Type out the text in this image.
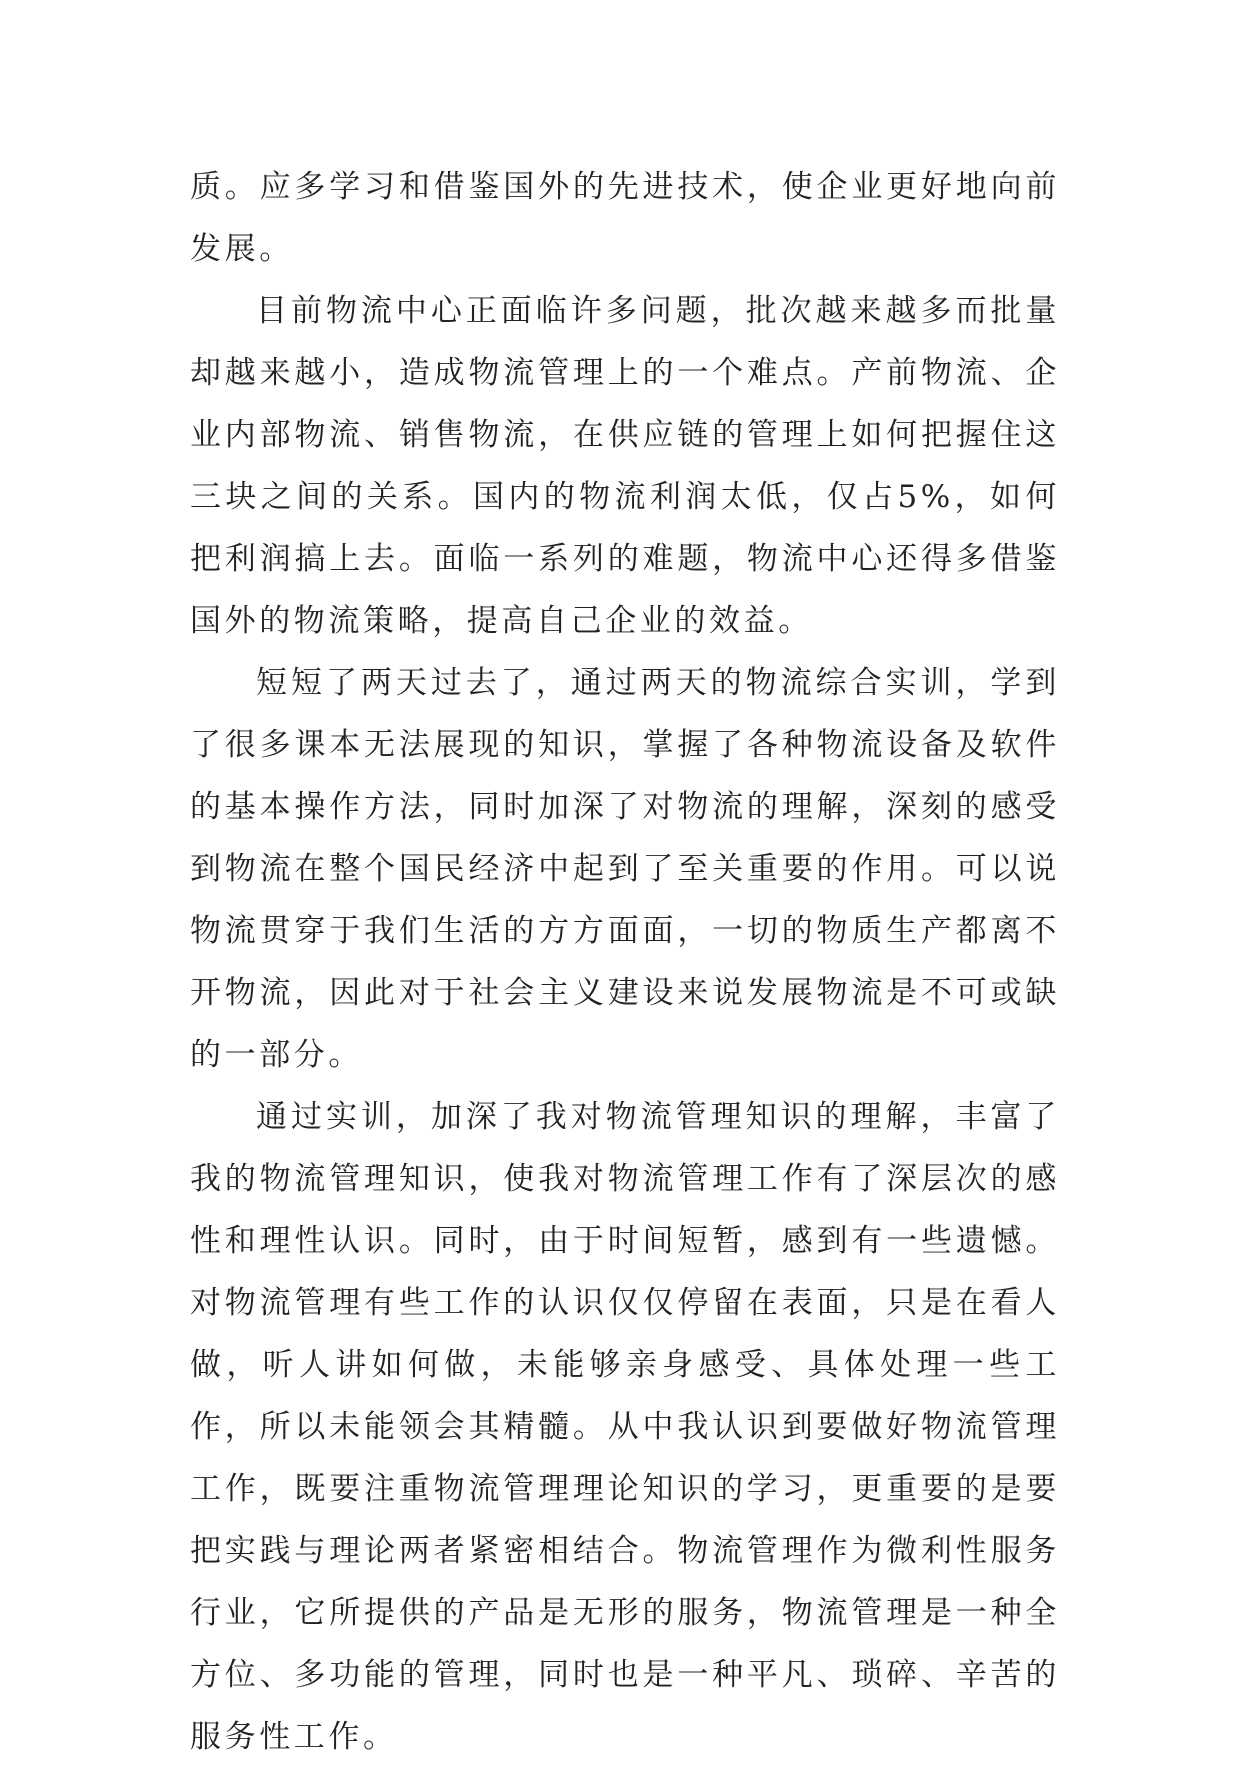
质。应多学习和借鉴国外的先进技术，使企业更好地向前发展。

目前物流中心正面临许多问题，批次越来越多而批量却越来越小，造成物流管理上的一个难点。产前物流、企业内部物流、销售物流，在供应链的管理上如何把握住这三块之间的关系。国内的物流利润太低，仅占5%，如何把利润搞上去。面临一系列的难题，物流中心还得多借鉴国外的物流策略，提高自己企业的效益。

短短了两天过去了，通过两天的物流综合实训，学到了很多课本无法展现的知识，掌握了各种物流设备及软件的基本操作方法，同时加深了对物流的理解，深刻的感受到物流在整个国民经济中起到了至关重要的作用。可以说物流贯穿于我们生活的方方面面，一切的物质生产都离不开物流，因此对于社会主义建设来说发展物流是不可或缺的一部分。

通过实训，加深了我对物流管理知识的理解，丰富了我的物流管理知识，使我对物流管理工作有了深层次的感性和理性认识。同时，由于时间短暂，感到有一些遗憾。对物流管理有些工作的认识仅仅停留在表面，只是在看人做，听人讲如何做，未能够亲身感受、具体处理一些工作，所以未能领会其精髓。从中我认识到要做好物流管理工作，既要注重物流管理理论知识的学习，更重要的是要把实践与理论两者紧密相结合。物流管理作为微利性服务行业，它所提供的产品是无形的服务，物流管理是一种全方位、多功能的管理，同时也是一种平凡、琐碎、辛苦的服务性工作。
